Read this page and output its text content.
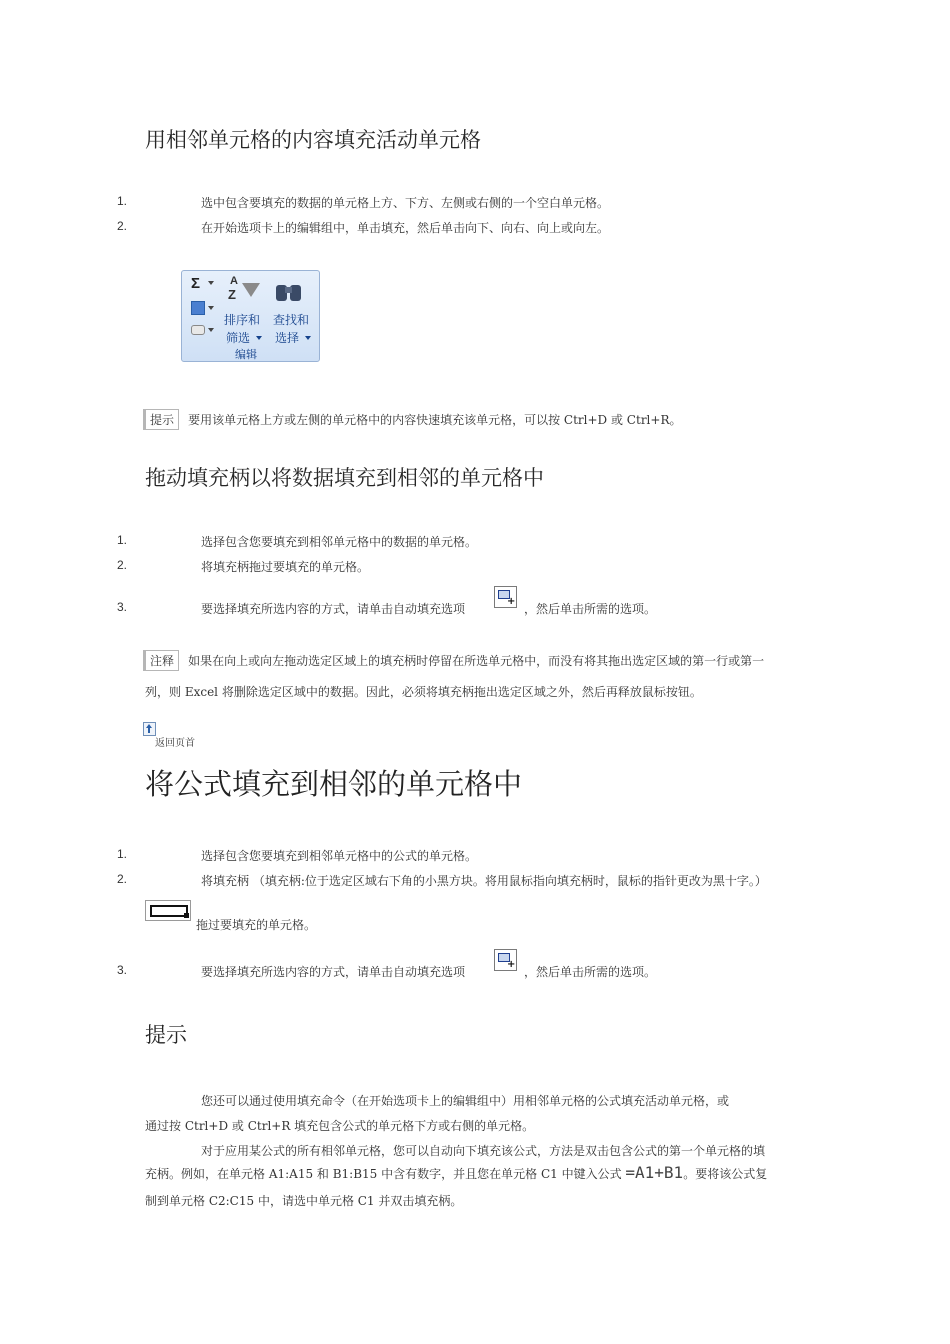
用相邻单元格的内容填充活动单元格
1.	选中包含要填充的数据的单元格上方、下方、左侧或右侧的一个空白单元格。
2.	在开始选项卡上的编辑组中，单击填充，然后单击向下、向右、向上或向左。
Σ	A
Z
排序和
筛选
查找和
选择
编辑
提示 要用该单元格上方或左侧的单元格中的内容快速填充该单元格，可以按 Ctrl+D 或 Ctrl+R。
拖动填充柄以将数据填充到相邻的单元格中
1.	选择包含您要填充到相邻单元格中的数据的单元格。
2.	将填充柄拖过要填充的单元格。
3.	要选择填充所选内容的方式，请单击自动填充选项
+
，然后单击所需的选项。
注释 如果在向上或向左拖动选定区域上的填充柄时停留在所选单元格中，而没有将其拖出选定区域的第一行或第一
列，则 Excel 将删除选定区域中的数据。因此，必须将填充柄拖出选定区域之外，然后再释放鼠标按钮。
返回页首
将公式填充到相邻的单元格中
1.	选择包含您要填充到相邻单元格中的公式的单元格。
2.	将填充柄 （填充柄:位于选定区域右下角的小黑方块。将用鼠标指向填充柄时，鼠标的指针更改为黑十字。）
拖过要填充的单元格。
3.	要选择填充所选内容的方式，请单击自动填充选项
+
，然后单击所需的选项。
提示
您还可以通过使用填充命令（在开始选项卡上的编辑组中）用相邻单元格的公式填充活动单元格，或
通过按 Ctrl+D 或 Ctrl+R 填充包含公式的单元格下方或右侧的单元格。
对于应用某公式的所有相邻单元格，您可以自动向下填充该公式，方法是双击包含公式的第一个单元格的填
充柄。例如，在单元格 A1:A15 和 B1:B15 中含有数字，并且您在单元格 C1 中键入公式 =A1+B1。要将该公式复
制到单元格 C2:C15 中，请选中单元格 C1 并双击填充柄。
